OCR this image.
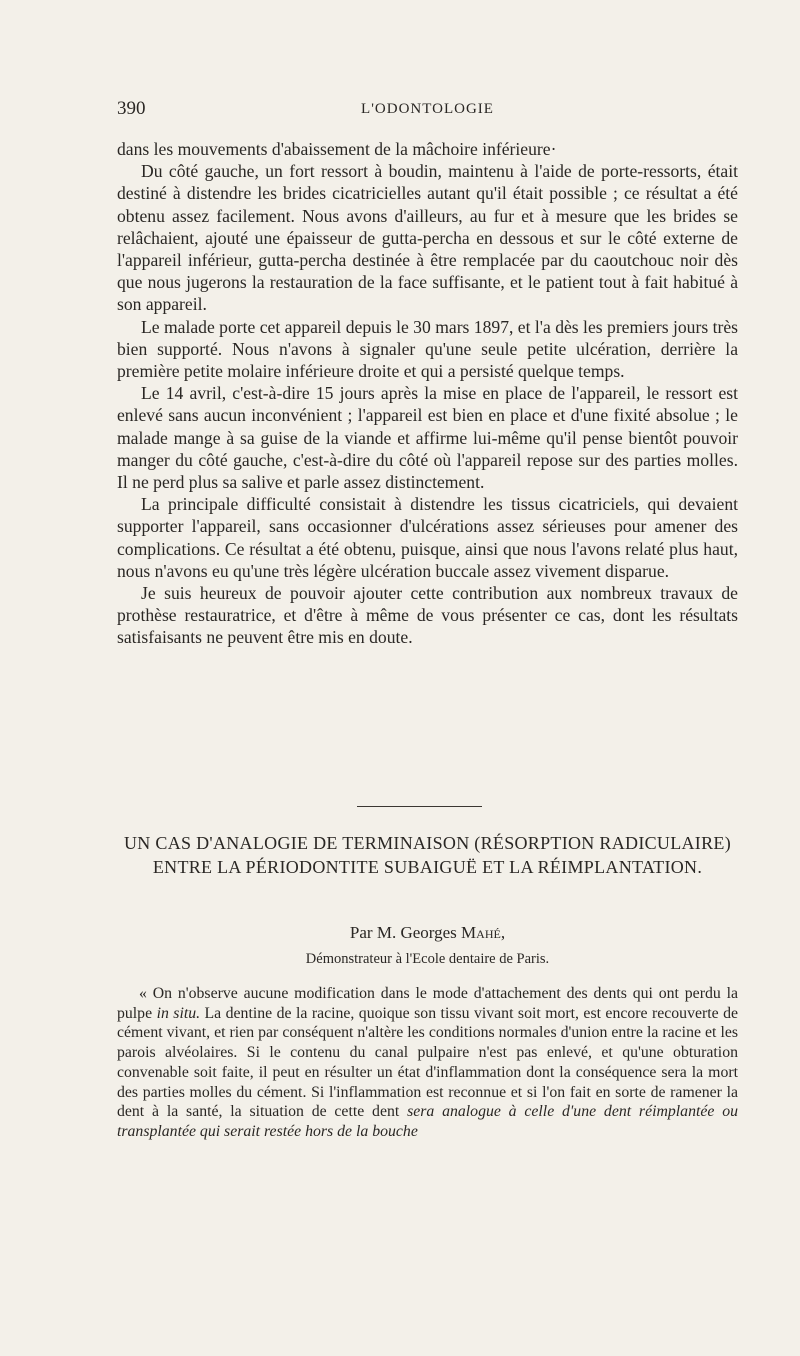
390	L'ODONTOLOGIE

dans les mouvements d'abaissement de la mâchoire inférieure·

Du côté gauche, un fort ressort à boudin, maintenu à l'aide de porte-ressorts, était destiné à distendre les brides cicatricielles autant qu'il était possible ; ce résultat a été obtenu assez facilement. Nous avons d'ailleurs, au fur et à mesure que les brides se relâchaient, ajouté une épaisseur de gutta-percha en dessous et sur le côté externe de l'appareil inférieur, gutta-percha destinée à être remplacée par du caoutchouc noir dès que nous jugerons la restauration de la face suffisante, et le patient tout à fait habitué à son appareil.

Le malade porte cet appareil depuis le 30 mars 1897, et l'a dès les premiers jours très bien supporté. Nous n'avons à signaler qu'une seule petite ulcération, derrière la première petite molaire inférieure droite et qui a persisté quelque temps.

Le 14 avril, c'est-à-dire 15 jours après la mise en place de l'appareil, le ressort est enlevé sans aucun inconvénient ; l'appareil est bien en place et d'une fixité absolue ; le malade mange à sa guise de la viande et affirme lui-même qu'il pense bientôt pouvoir manger du côté gauche, c'est-à-dire du côté où l'appareil repose sur des parties molles. Il ne perd plus sa salive et parle assez distinctement.

La principale difficulté consistait à distendre les tissus cicatriciels, qui devaient supporter l'appareil, sans occasionner d'ulcérations assez sérieuses pour amener des complications. Ce résultat a été obtenu, puisque, ainsi que nous l'avons relaté plus haut, nous n'avons eu qu'une très légère ulcération buccale assez vivement disparue.

Je suis heureux de pouvoir ajouter cette contribution aux nombreux travaux de prothèse restauratrice, et d'être à même de vous présenter ce cas, dont les résultats satisfaisants ne peuvent être mis en doute.

UN CAS D'ANALOGIE DE TERMINAISON (RÉSORPTION RADICULAIRE) ENTRE LA PÉRIODONTITE SUBAIGUË ET LA RÉIMPLANTATION.
Par M. Georges Mahé,
Démonstrateur à l'Ecole dentaire de Paris.

« On n'observe aucune modification dans le mode d'attachement des dents qui ont perdu la pulpe in situ. La dentine de la racine, quoique son tissu vivant soit mort, est encore recouverte de cément vivant, et rien par conséquent n'altère les conditions normales d'union entre la racine et les parois alvéolaires. Si le contenu du canal pulpaire n'est pas enlevé, et qu'une obturation convenable soit faite, il peut en résulter un état d'inflammation dont la conséquence sera la mort des parties molles du cément. Si l'inflammation est reconnue et si l'on fait en sorte de ramener la dent à la santé, la situation de cette dent sera analogue à celle d'une dent réimplantée ou transplantée qui serait restée hors de la bouche
